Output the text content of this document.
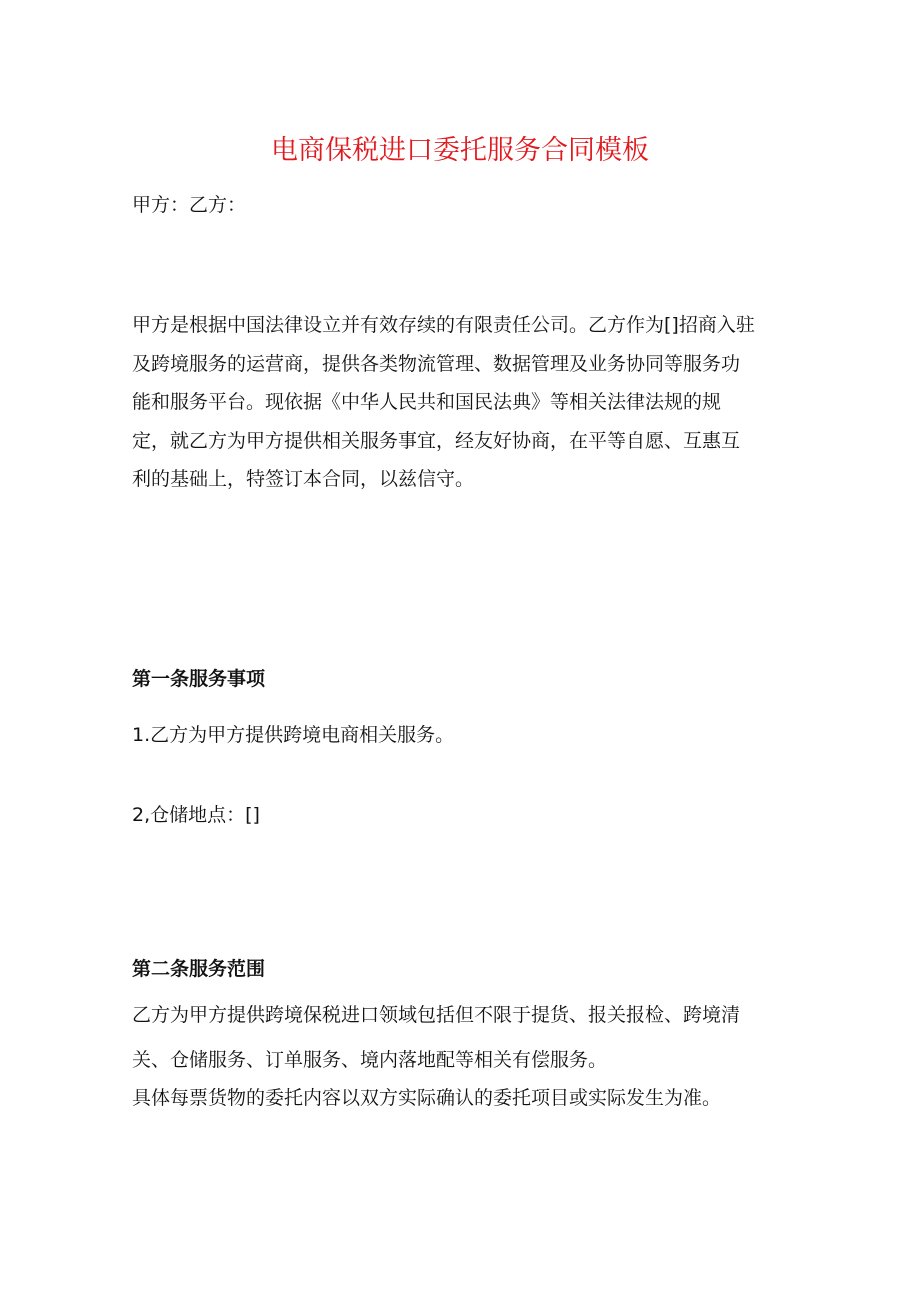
电商保税进口委托服务合同模板
甲方：乙方：

甲方是根据中国法律设立并有效存续的有限责任公司。乙方作为[]招商入驻

及跨境服务的运营商，提供各类物流管理、数据管理及业务协同等服务功

能和服务平台。现依据《中华人民共和国民法典》等相关法律法规的规

定，就乙方为甲方提供相关服务事宜，经友好协商，在平等自愿、互惠互

利的基础上，特签订本合同，以兹信守。

第一条服务事项
1.乙方为甲方提供跨境电商相关服务。
2,仓储地点：[]
第二条服务范围
乙方为甲方提供跨境保税进口领域包括但不限于提货、报关报检、跨境清
关、仓储服务、订单服务、境内落地配等相关有偿服务。
具体每票货物的委托内容以双方实际确认的委托项目或实际发生为准。
